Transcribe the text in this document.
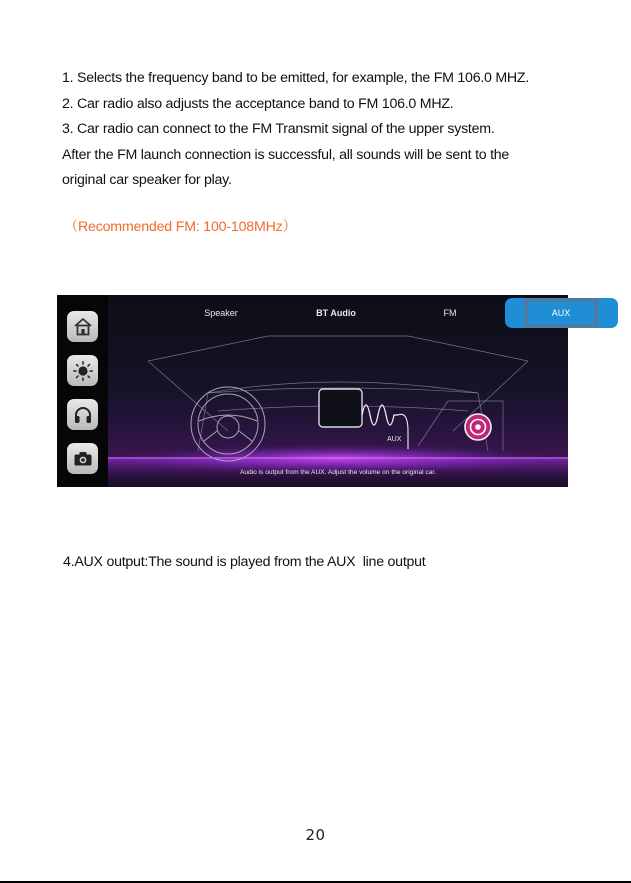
1. Selects the frequency band to be emitted, for example, the FM 106.0 MHZ.

2. Car radio also adjusts the acceptance band to FM 106.0 MHZ.

3. Car radio can connect to the FM Transmit signal of the upper system.

After the FM launch connection is successful, all sounds will be sent to the

original car speaker for play.

（Recommended FM: 100-108MHz）
Speaker	BT Audio	FM	AUX
AUX
Audio is output from the AUX. Adjust the volume on the original car.
4.AUX output:The sound is played from the AUX  line output
20
